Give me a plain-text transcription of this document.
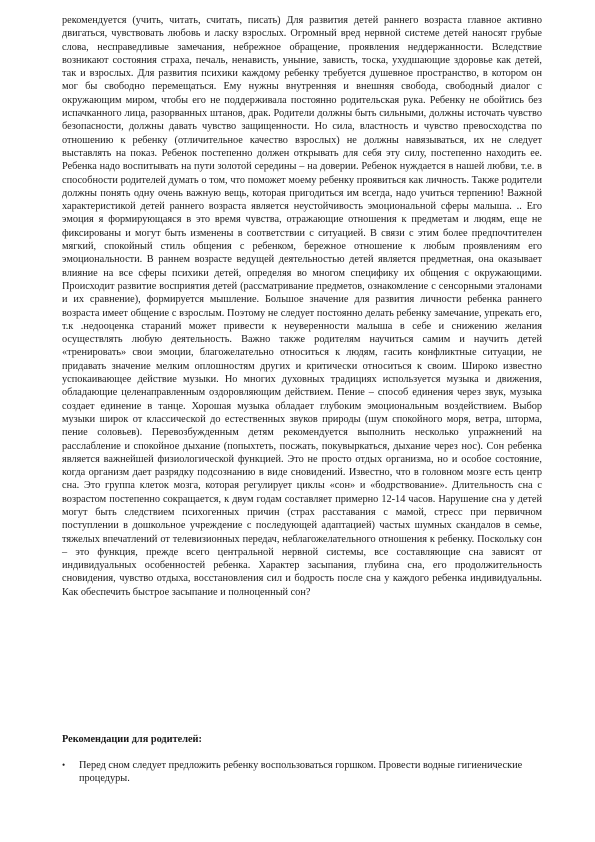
рекомендуется (учить, читать, считать, писать) Для развития детей раннего возраста главное активно двигаться, чувствовать любовь и ласку взрослых. Огромный вред нервной системе детей наносят грубые слова, несправедливые замечания, небрежное обращение, проявления неддержанности. Вследствие возникают состояния страха, печаль, ненависть, уныние, зависть, тоска, ухудшающие здоровье как детей, так и взрослых. Для развития психики каждому ребенку требуется душевное пространство, в котором он мог бы свободно перемещаться. Ему нужны внутренняя и внешняя свобода, свободный диалог с окружающим миром, чтобы его не поддерживала постоянно родительская рука. Ребенку не обойтись без испачканного лица, разорванных штанов, драк. Родители должны быть сильными, должны источать чувство безопасности, должны давать чувство защищенности. Но сила, властность и чувство превосходства по отношению к ребенку (отличительное качество взрослых) не должны навязываться, их не следует выставлять на показ. Ребенок постепенно должен открывать для себя эту силу, постепенно находить ее. Ребенка надо воспитывать на пути золотой середины – на доверии. Ребенок нуждается в нашей любви, т.е. в способности родителей думать о том, что поможет моему ребенку проявиться как личность. Также родители должны понять одну очень важную вещь, которая пригодиться им всегда, надо учиться терпению! Важной характеристикой детей раннего возраста является неустойчивость эмоциональной сферы малыша. .. Его эмоция я формирующаяся в это время чувства, отражающие отношения к предметам и людям, еще не фиксированы и могут быть изменены в соответствии с ситуацией. В связи с этим более предпочтителен мягкий, спокойный стиль общения с ребенком, бережное отношение к любым проявлениям его эмоциональности. В раннем возрасте ведущей деятельностью детей является предметная, она оказывает влияние на все сферы психики детей, определяя во многом специфику их общения с окружающими. Происходит развитие восприятия детей (рассматривание предметов, ознакомление с сенсорными эталонами и их сравнение), формируется мышление. Большое значение для развития личности ребенка раннего возраста имеет общение с взрослым. Поэтому не следует постоянно делать ребенку замечание, упрекать его, т.к .недооценка стараний может привести к неуверенности малыша в себе и снижению желания осуществлять любую деятельность. Важно также родителям научиться самим и научить детей «тренировать» свои эмоции, благожелательно относиться к людям, гасить конфликтные ситуации, не придавать значение мелким оплошностям других и критически относиться к своим. Широко известно успокаивающее действие музыки. Но многих духовных традициях используется музыка и движения, обладающие целенаправленным оздоровляющим действием. Пение – способ единения через звук, музыка создает единение в танце. Хорошая музыка обладает глубоким эмоциональным воздействием. Выбор музыки широк от классической до естественных звуков природы (шум спокойного моря, ветра, шторма, пение соловьев). Перевозбужденным детям рекомендуется выполнить несколько упражнений на расслабление и спокойное дыхание (попыхтеть, посжать, покувыркаться, дыхание через нос). Сон ребенка является важнейшей физиологической функцией. Это не просто отдых организма, но и особое состояние, когда организм дает разрядку подсознанию в виде сновидений. Известно, что в головном мозге есть центр сна. Это группа клеток мозга, которая регулирует циклы «сон» и «бодрствование». Длительность сна с возрастом постепенно сокращается, к двум годам составляет примерно 12-14 часов. Нарушение сна у детей могут быть следствием психогенных причин (страх расставания с мамой, стресс при первичном поступлении в дошкольное учреждение с последующей адаптацией) частых шумных скандалов в семье, тяжелых впечатлений от телевизионных передач, неблагожелательного отношения к ребенку. Поскольку сон – это функция, прежде всего центральной нервной системы, все составляющие сна зависят от индивидуальных особенностей ребенка. Характер засыпания, глубина сна, его продолжительность сновидения, чувство отдыха, восстановления сил и бодрость после сна у каждого ребенка индивидуальны. Как обеспечить быстрое засыпание и полноценный сон?

Рекомендации для родителей:

• Перед сном следует предложить ребенку воспользоваться горшком. Провести водные гигиенические процедуры.
